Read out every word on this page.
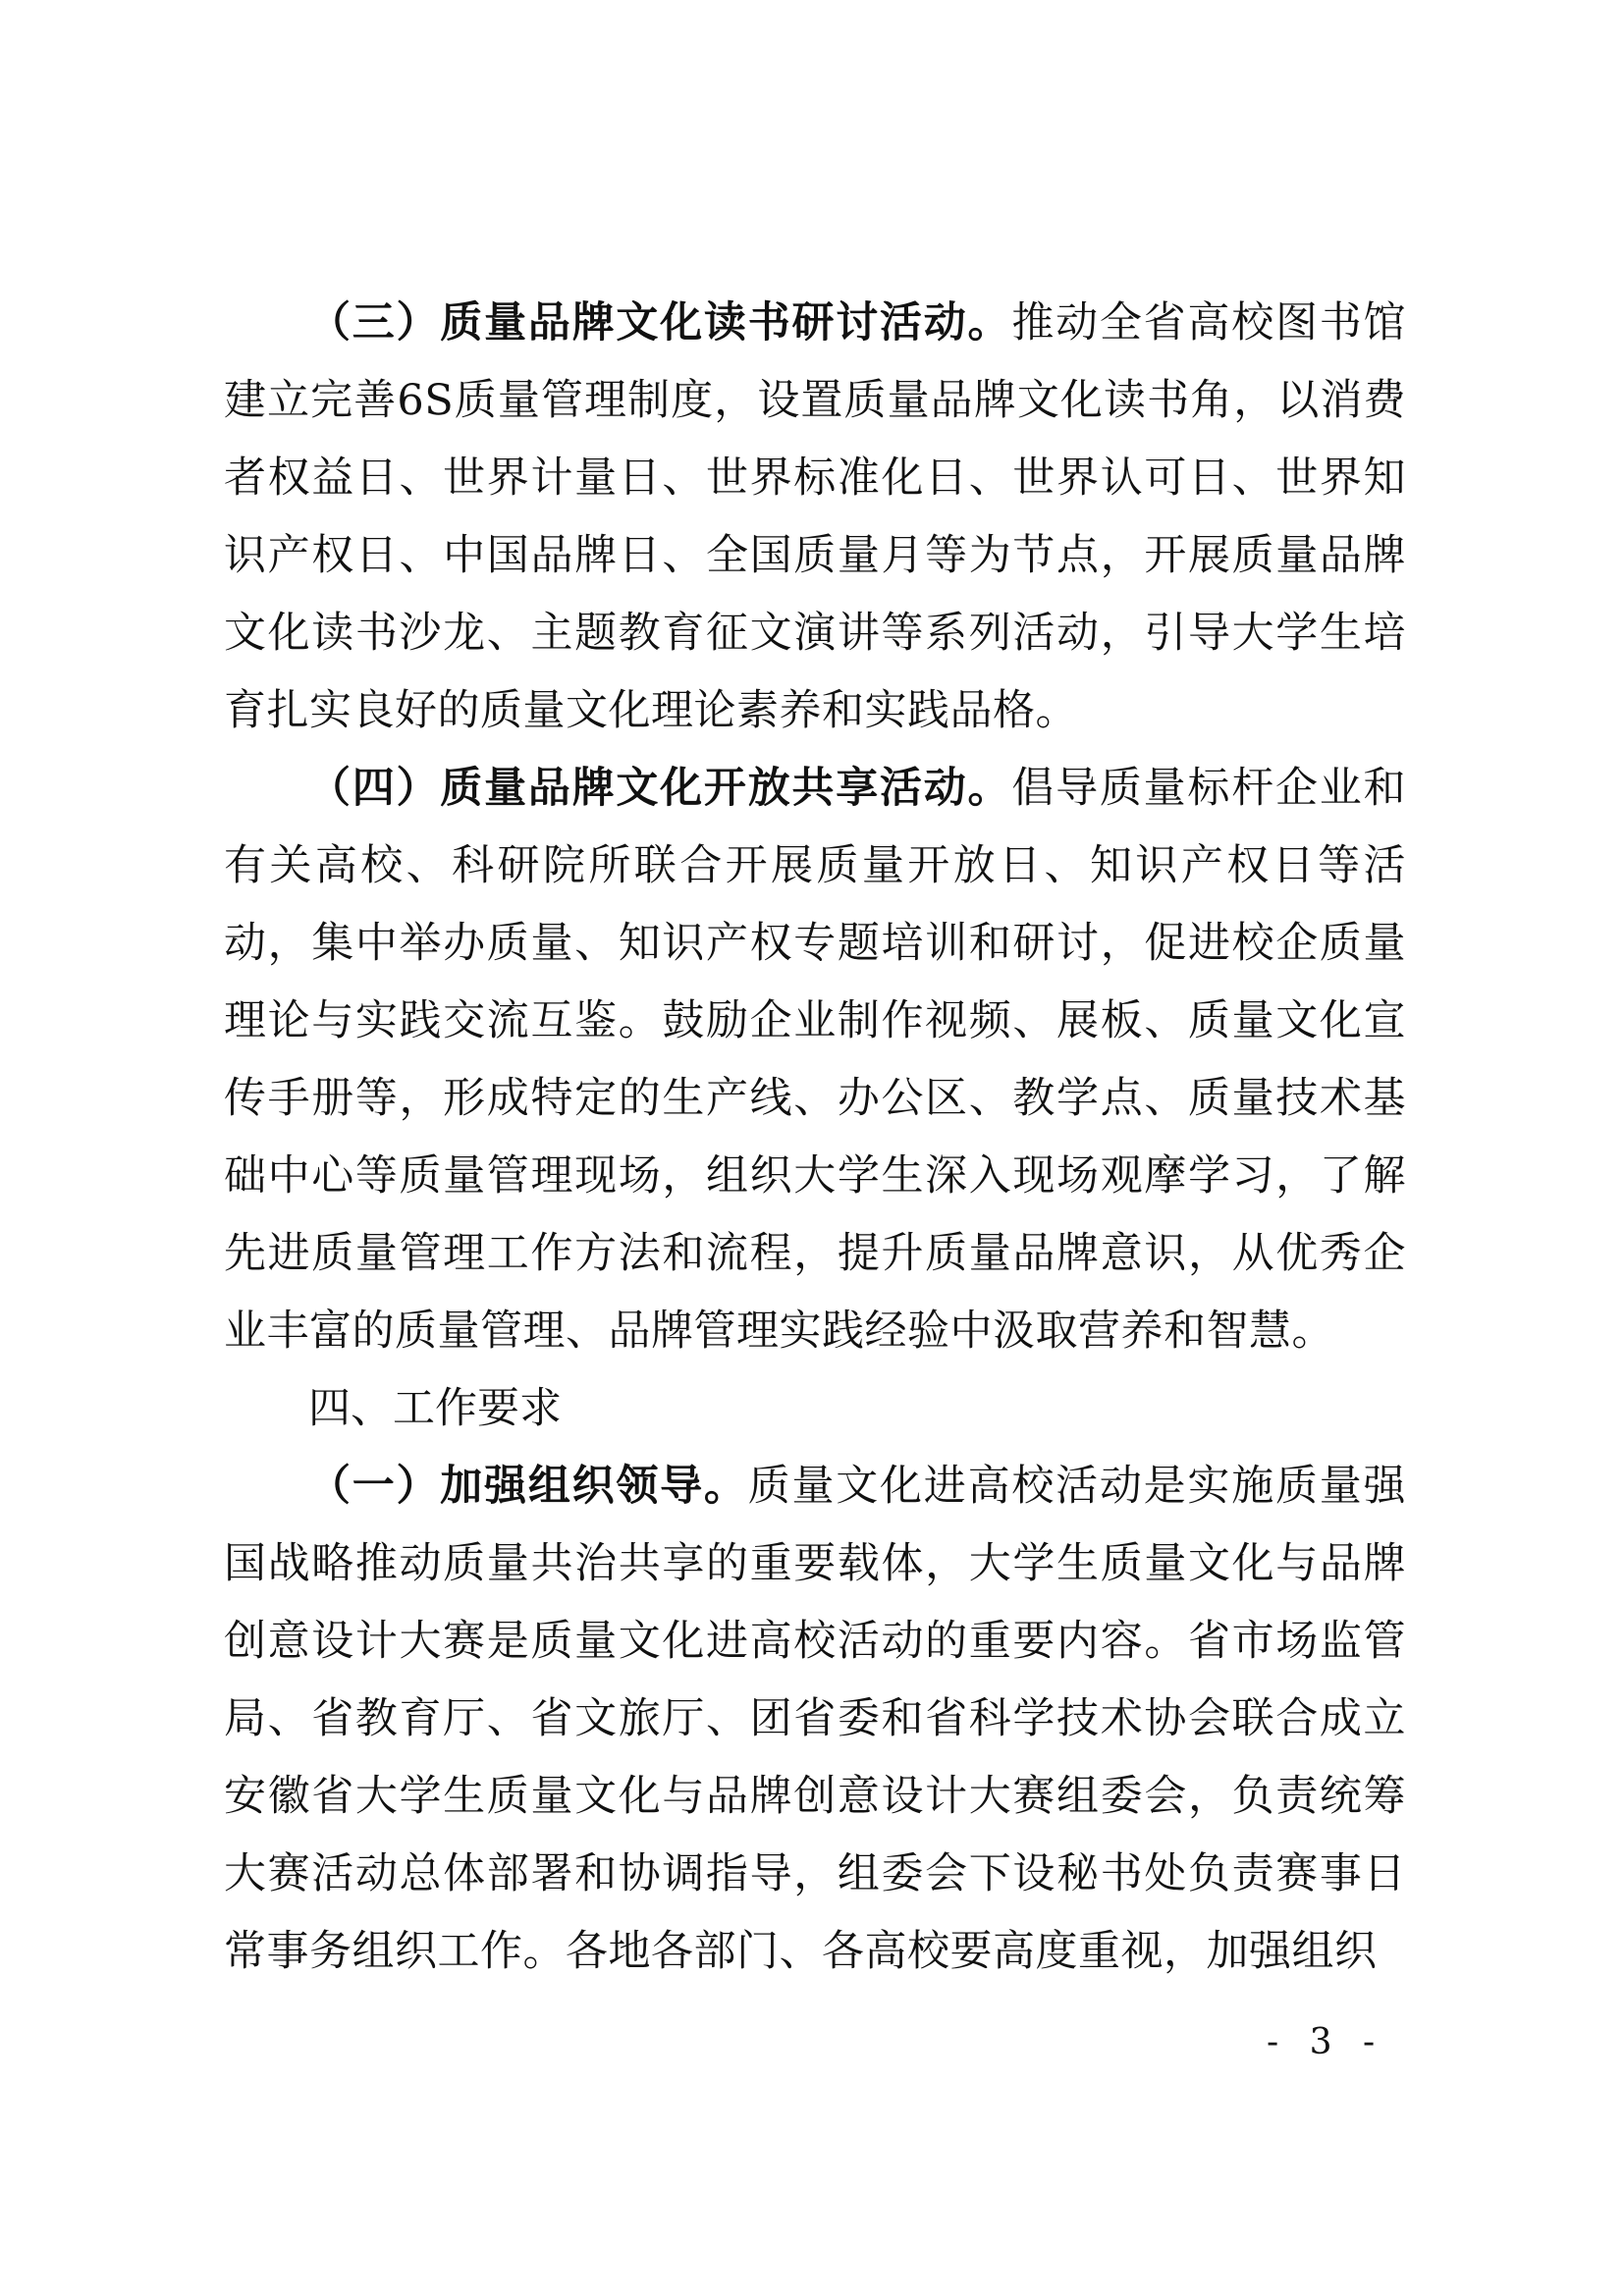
（三）质量品牌文化读书研讨活动。推动全省高校图书馆建立完善6S质量管理制度，设置质量品牌文化读书角，以消费者权益日、世界计量日、世界标准化日、世界认可日、世界知识产权日、中国品牌日、全国质量月等为节点，开展质量品牌文化读书沙龙、主题教育征文演讲等系列活动，引导大学生培育扎实良好的质量文化理论素养和实践品格。

（四）质量品牌文化开放共享活动。倡导质量标杆企业和有关高校、科研院所联合开展质量开放日、知识产权日等活动，集中举办质量、知识产权专题培训和研讨，促进校企质量理论与实践交流互鉴。鼓励企业制作视频、展板、质量文化宣传手册等，形成特定的生产线、办公区、教学点、质量技术基础中心等质量管理现场，组织大学生深入现场观摩学习，了解先进质量管理工作方法和流程，提升质量品牌意识，从优秀企业丰富的质量管理、品牌管理实践经验中汲取营养和智慧。

四、工作要求

（一）加强组织领导。质量文化进高校活动是实施质量强国战略推动质量共治共享的重要载体，大学生质量文化与品牌创意设计大赛是质量文化进高校活动的重要内容。省市场监管局、省教育厅、省文旅厅、团省委和省科学技术协会联合成立安徽省大学生质量文化与品牌创意设计大赛组委会，负责统筹大赛活动总体部署和协调指导，组委会下设秘书处负责赛事日常事务组织工作。各地各部门、各高校要高度重视，加强组织

- 3 -
